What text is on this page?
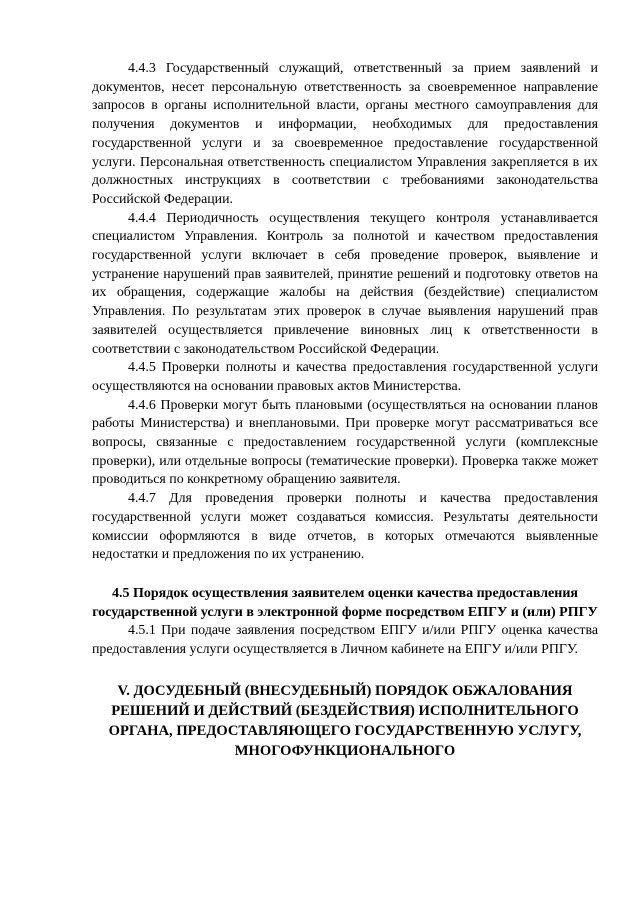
4.4.3 Государственный служащий, ответственный за прием заявлений и документов, несет персональную ответственность за своевременное направление запросов в органы исполнительной власти, органы местного самоуправления для получения документов и информации, необходимых для предоставления государственной услуги и за своевременное предоставление государственной услуги. Персональная ответственность специалистом Управления закрепляется в их должностных инструкциях в соответствии с требованиями законодательства Российской Федерации.

4.4.4 Периодичность осуществления текущего контроля устанавливается специалистом Управления. Контроль за полнотой и качеством предоставления государственной услуги включает в себя проведение проверок, выявление и устранение нарушений прав заявителей, принятие решений и подготовку ответов на их обращения, содержащие жалобы на действия (бездействие) специалистом Управления. По результатам этих проверок в случае выявления нарушений прав заявителей осуществляется привлечение виновных лиц к ответственности в соответствии с законодательством Российской Федерации.

4.4.5 Проверки полноты и качества предоставления государственной услуги осуществляются на основании правовых актов Министерства.

4.4.6 Проверки могут быть плановыми (осуществляться на основании планов работы Министерства) и внеплановыми. При проверке могут рассматриваться все вопросы, связанные с предоставлением государственной услуги (комплексные проверки), или отдельные вопросы (тематические проверки). Проверка также может проводиться по конкретному обращению заявителя.

4.4.7 Для проведения проверки полноты и качества предоставления государственной услуги может создаваться комиссия. Результаты деятельности комиссии оформляются в виде отчетов, в которых отмечаются выявленные недостатки и предложения по их устранению.

4.5 Порядок осуществления заявителем оценки качества предоставления государственной услуги в электронной форме посредством ЕПГУ и (или) РПГУ

4.5.1 При подаче заявления посредством ЕПГУ и/или РПГУ оценка качества предоставления услуги осуществляется в Личном кабинете на ЕПГУ и/или РПГУ.

V. ДОСУДЕБНЫЙ (ВНЕСУДЕБНЫЙ) ПОРЯДОК ОБЖАЛОВАНИЯ РЕШЕНИЙ И ДЕЙСТВИЙ (БЕЗДЕЙСТВИЯ) ИСПОЛНИТЕЛЬНОГО ОРГАНА, ПРЕДОСТАВЛЯЮЩЕГО ГОСУДАРСТВЕННУЮ УСЛУГУ, МНОГОФУНКЦИОНАЛЬНОГО
